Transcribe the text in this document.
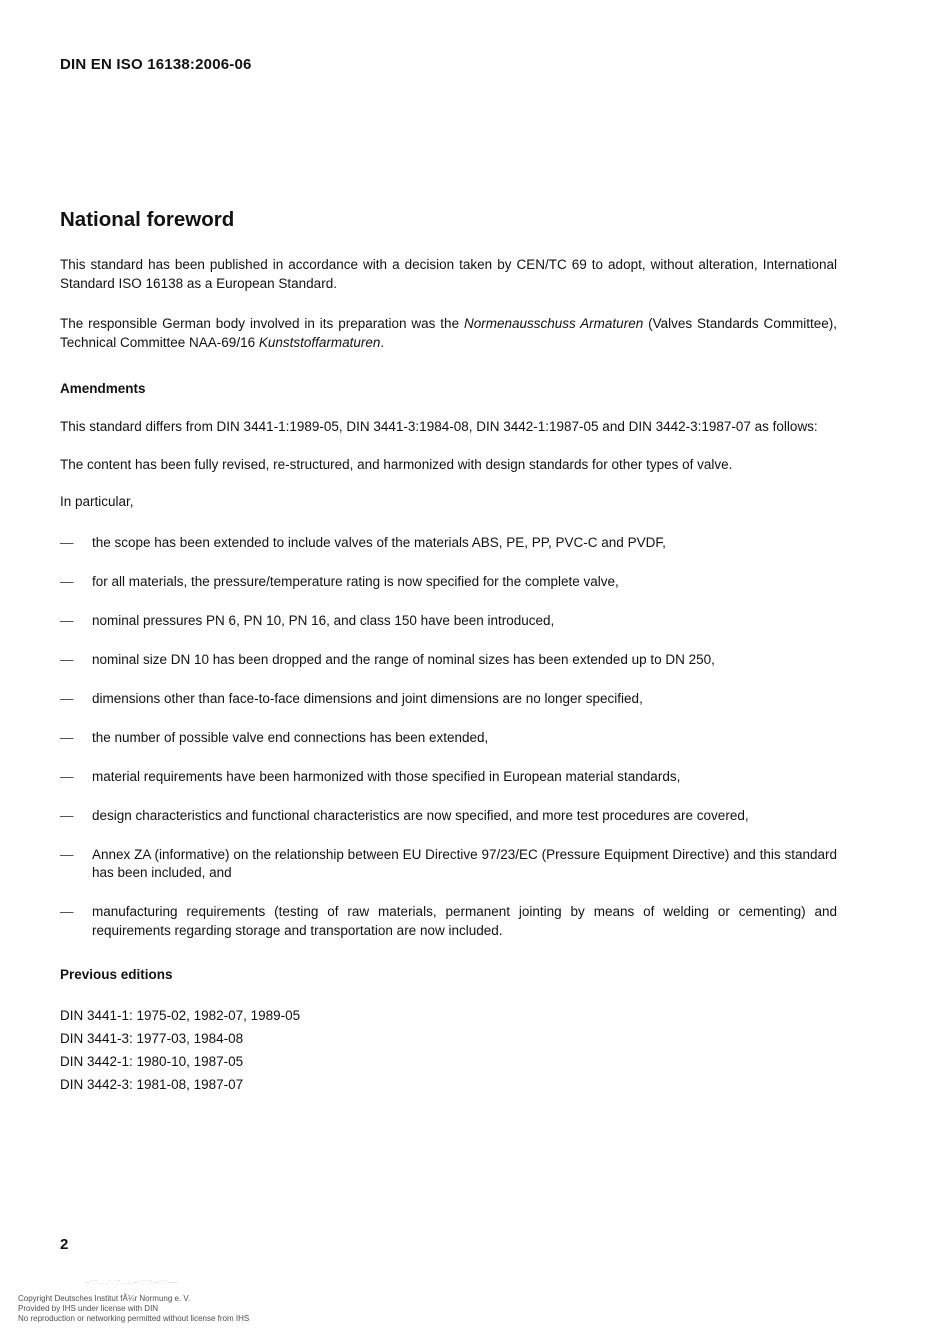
DIN EN ISO 16138:2006-06
National foreword

This standard has been published in accordance with a decision taken by CEN/TC 69 to adopt, without alteration, International Standard ISO 16138 as a European Standard.

The responsible German body involved in its preparation was the Normenausschuss Armaturen (Valves Standards Committee), Technical Committee NAA-69/16 Kunststoffarmaturen.

Amendments

This standard differs from DIN 3441-1:1989-05, DIN 3441-3:1984-08, DIN 3442-1:1987-05 and DIN 3442-3:1987-07 as follows:

The content has been fully revised, re-structured, and harmonized with design standards for other types of valve.

In particular,

—	the scope has been extended to include valves of the materials ABS, PE, PP, PVC-C and PVDF,
—	for all materials, the pressure/temperature rating is now specified for the complete valve,
—	nominal pressures PN 6, PN 10, PN 16, and class 150 have been introduced,
—	nominal size DN 10 has been dropped and the range of nominal sizes has been extended up to DN 250,
—	dimensions other than face-to-face dimensions and joint dimensions are no longer specified,
—	the number of possible valve end connections has been extended,
—	material requirements have been harmonized with those specified in European material standards,
—	design characteristics and functional characteristics are now specified, and more test procedures are covered,
—	Annex ZA (informative) on the relationship between EU Directive 97/23/EC (Pressure Equipment Directive) and this standard has been included, and
—	manufacturing requirements (testing of raw materials, permanent jointing by means of welding or cementing) and requirements regarding storage and transportation are now included.
Previous editions
DIN 3441-1: 1975-02, 1982-07, 1989-05
DIN 3441-3: 1977-03, 1984-08
DIN 3442-1: 1980-10, 1987-05
DIN 3442-3: 1981-08, 1987-07
2
—''.''......''..'.''.......—'.'.'.'.'.—'.'.'——
Copyright Deutsches Institut fÃ¼r Normung e. V.
Provided by IHS under license with DIN
No reproduction or networking permitted without license from IHS
